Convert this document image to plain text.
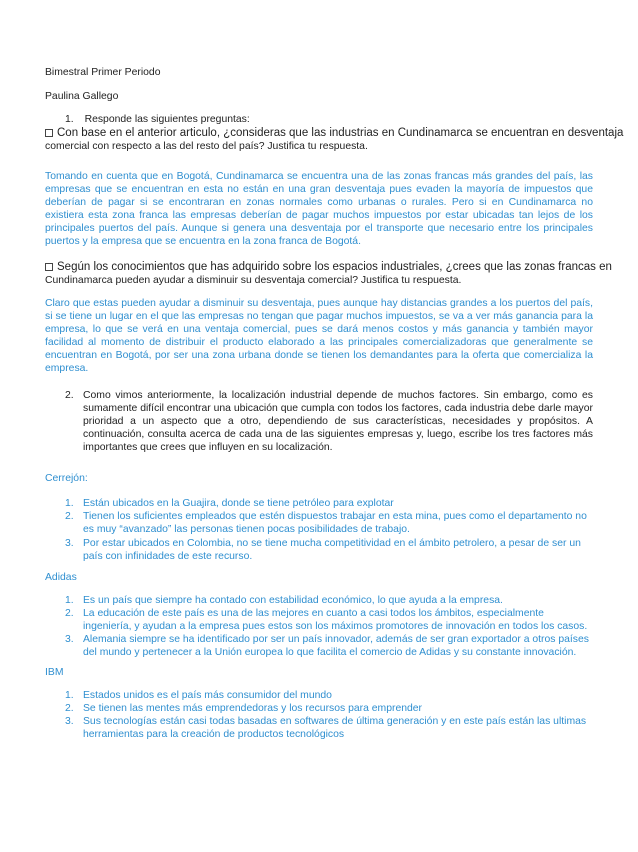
Bimestral Primer Periodo
Paulina Gallego
1. Responde las siguientes preguntas:
Con base en el anterior articulo, ¿consideras que las industrias en Cundinamarca se encuentran en desventaja
comercial con respecto a las del resto del país? Justifica tu respuesta.
Tomando en cuenta que en Bogotá, Cundinamarca se encuentra una de las zonas francas más grandes del país, las empresas que se encuentran en esta no están en una gran desventaja pues evaden la mayoría de impuestos que deberían de pagar si se encontraran en zonas normales como urbanas o rurales. Pero si en Cundinamarca no existiera esta zona franca las empresas deberían de pagar muchos impuestos por estar ubicadas tan lejos de los principales puertos del país. Aunque si genera una desventaja por el transporte que necesario entre los principales puertos y la empresa que se encuentra en la zona franca de Bogotá.
Según los conocimientos que has adquirido sobre los espacios industriales, ¿crees que las zonas francas en
Cundinamarca pueden ayudar a disminuir su desventaja comercial? Justifica tu respuesta.
Claro que estas pueden ayudar a disminuir su desventaja, pues aunque hay distancias grandes a los puertos del país, si se tiene un lugar en el que las empresas no tengan que pagar muchos impuestos, se va a ver más ganancia para la empresa, lo que se verá en una ventaja comercial, pues se dará menos costos y más ganancia y también mayor facilidad al momento de distribuir el producto elaborado a las principales comercializadoras que generalmente se encuentran en Bogotá, por ser una zona urbana donde se tienen los demandantes para la oferta que comercializa la empresa.
2. Como vimos anteriormente, la localización industrial depende de muchos factores. Sin embargo, como es sumamente difícil encontrar una ubicación que cumpla con todos los factores, cada industria debe darle mayor prioridad a un aspecto que a otro, dependiendo de sus características, necesidades y propósitos. A continuación, consulta acerca de cada una de las siguientes empresas y, luego, escribe los tres factores más importantes que crees que influyen en su localización.
Cerrejón:
1. Están ubicados en la Guajira, donde se tiene petróleo para explotar
2. Tienen los suficientes empleados que estén dispuestos trabajar en esta mina, pues como el departamento no es muy “avanzado” las personas tienen pocas posibilidades de trabajo.
3. Por estar ubicados en Colombia, no se tiene mucha competitividad en el ámbito petrolero, a pesar de ser un país con infinidades de este recurso.
Adidas
1. Es un país que siempre ha contado con estabilidad económico, lo que ayuda a la empresa.
2. La educación de este país es una de las mejores en cuanto a casi todos los ámbitos, especialmente ingeniería, y ayudan a la empresa pues estos son los máximos promotores de innovación en todos los casos.
3. Alemania siempre se ha identificado por ser un país innovador, además de ser gran exportador a otros países del mundo y pertenecer a la Unión europea lo que facilita el comercio de Adidas y su constante innovación.
IBM
1. Estados unidos es el país más consumidor del mundo
2. Se tienen las mentes más emprendedoras y los recursos para emprender
3. Sus tecnologías están casi todas basadas en softwares de última generación y en este país están las ultimas herramientas para la creación de productos tecnológicos
